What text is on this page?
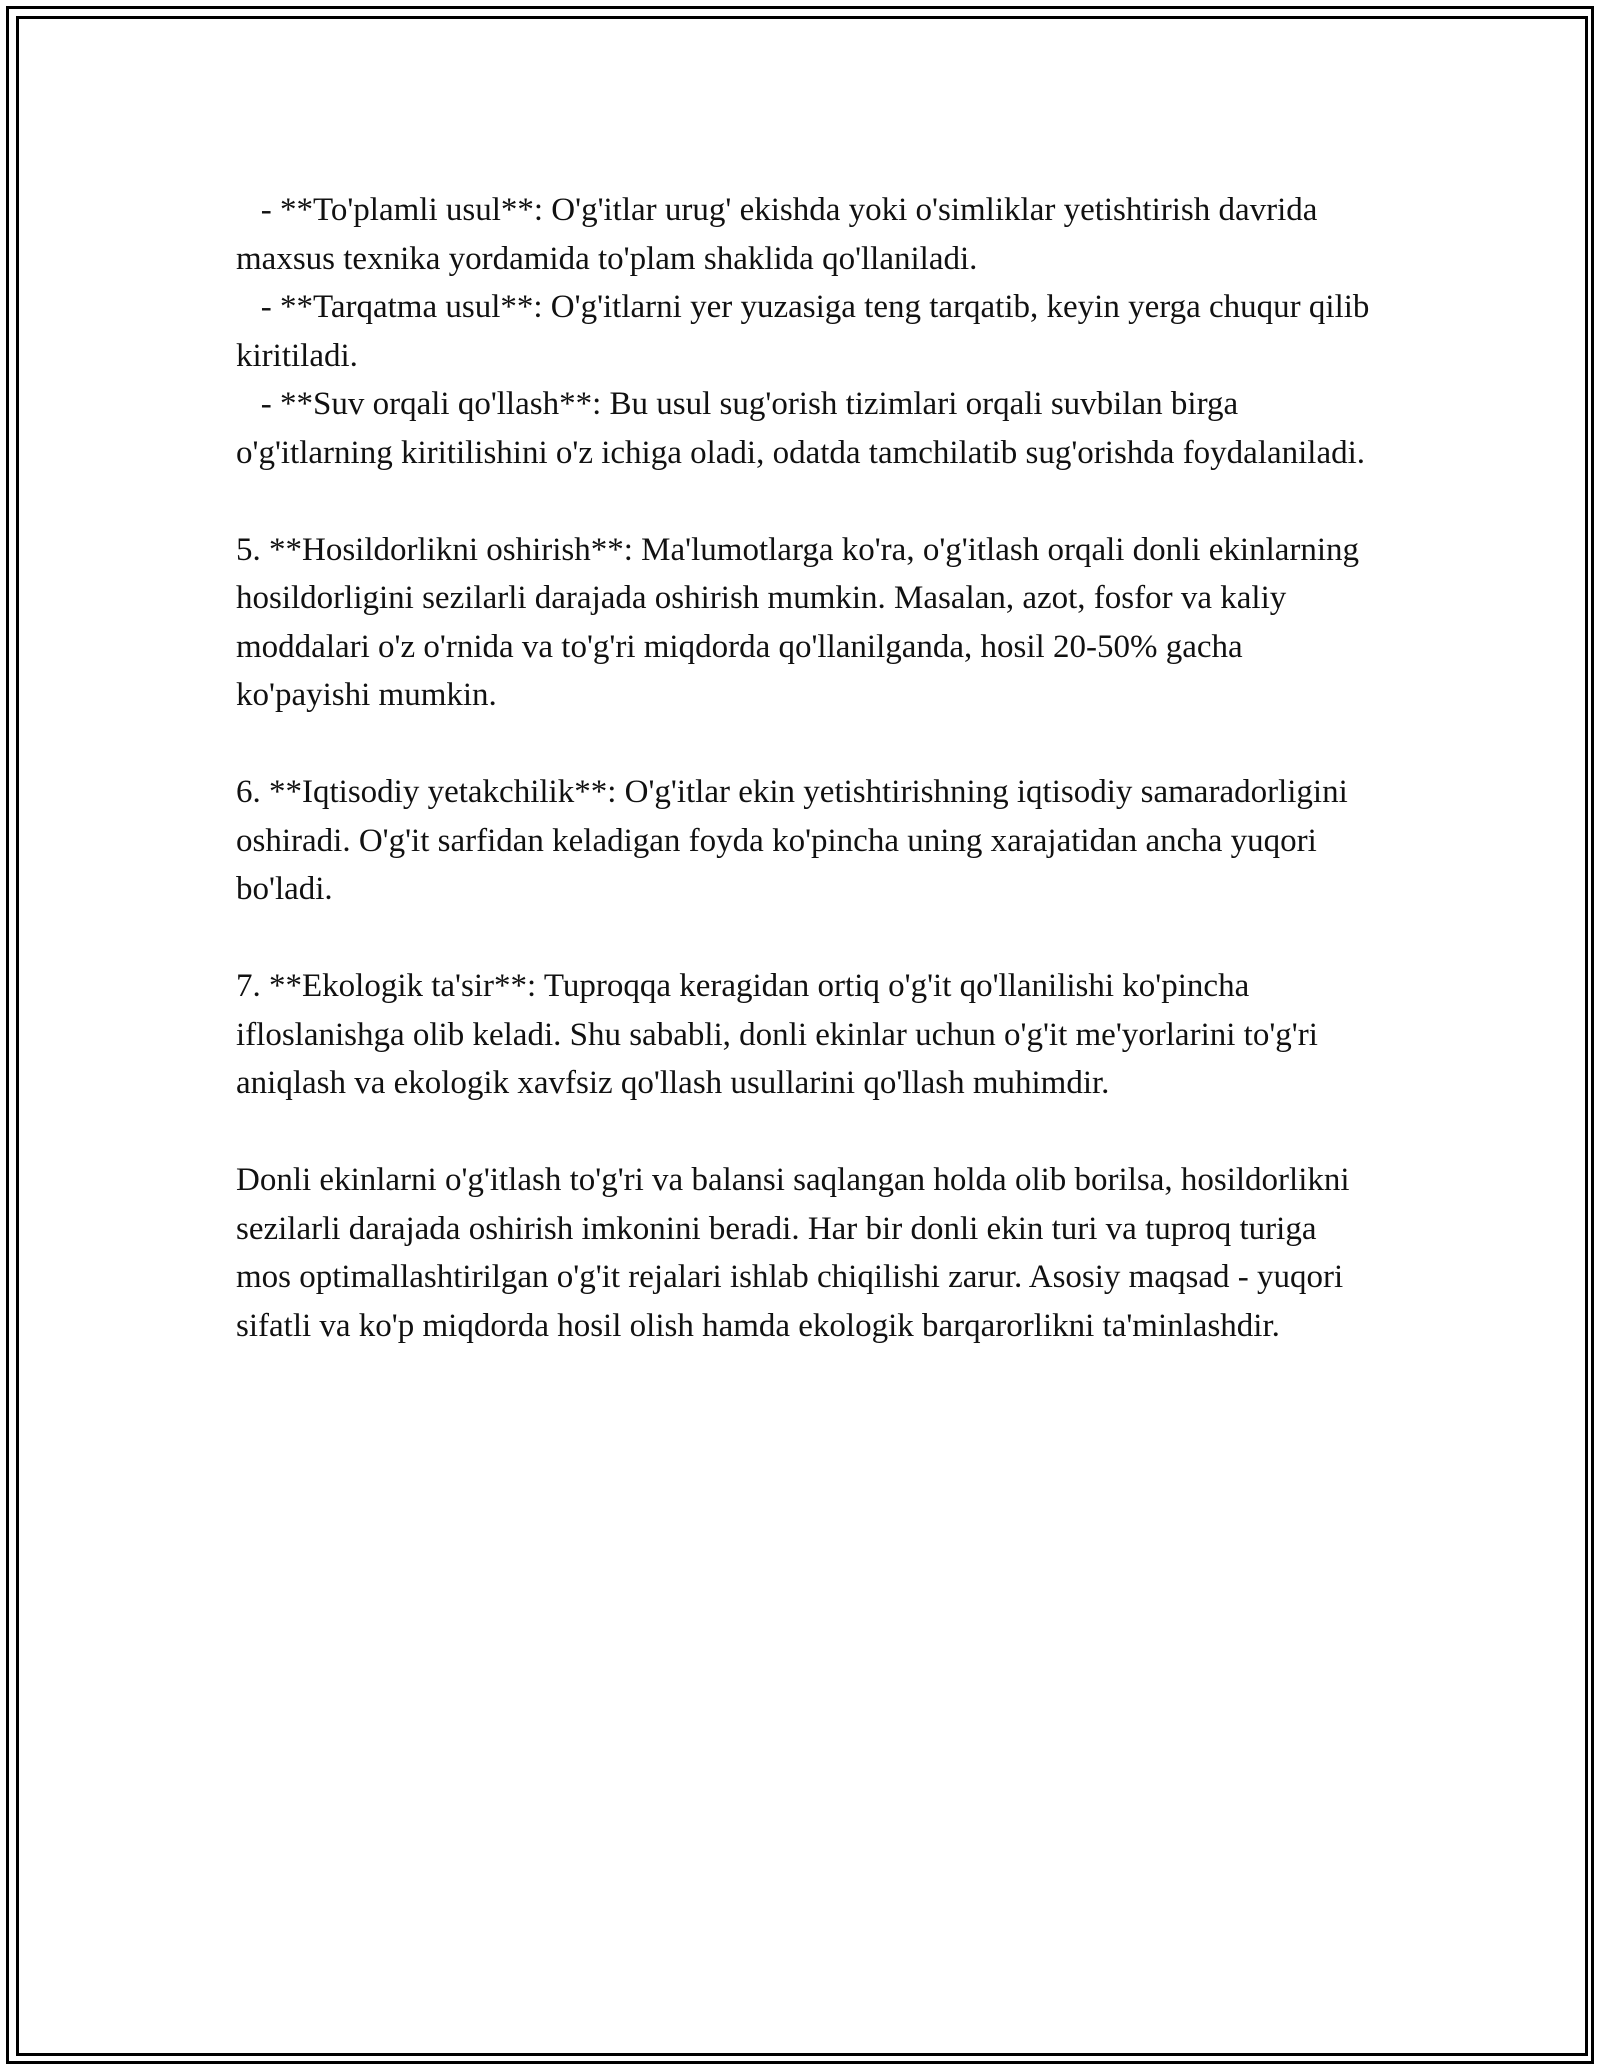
- **To'plamli usul**: O'g'itlar urug' ekishda yoki o'simliklar yetishtirish davrida maxsus texnika yordamida to'plam shaklida qo'llaniladi.

- **Tarqatma usul**: O'g'itlarni yer yuzasiga teng tarqatib, keyin yerga chuqur qilib kiritiladi.

- **Suv orqali qo'llash**: Bu usul sug'orish tizimlari orqali suvbilan birga o'g'itlarning kiritilishini o'z ichiga oladi, odatda tamchilatib sug'orishda foydalaniladi.

5. **Hosildorlikni oshirish**: Ma'lumotlarga ko'ra, o'g'itlash orqali donli ekinlarning hosildorligini sezilarli darajada oshirish mumkin. Masalan, azot, fosfor va kaliy moddalari o'z o'rnida va to'g'ri miqdorda qo'llanilganda, hosil 20-50% gacha ko'payishi mumkin.

6. **Iqtisodiy yetakchilik**: O'g'itlar ekin yetishtirishning iqtisodiy samaradorligini oshiradi. O'g'it sarfidan keladigan foyda ko'pincha uning xarajatidan ancha yuqori bo'ladi.

7. **Ekologik ta'sir**: Tuproqqa keragidan ortiq o'g'it qo'llanilishi ko'pincha ifloslanishga olib keladi. Shu sababli, donli ekinlar uchun o'g'it me'yorlarini to'g'ri aniqlash va ekologik xavfsiz qo'llash usullarini qo'llash muhimdir.

Donli ekinlarni o'g'itlash to'g'ri va balansi saqlangan holda olib borilsa, hosildorlikni sezilarli darajada oshirish imkonini beradi. Har bir donli ekin turi va tuproq turiga mos optimallashtirilgan o'g'it rejalari ishlab chiqilishi zarur. Asosiy maqsad - yuqori sifatli va ko'p miqdorda hosil olish hamda ekologik barqarorlikni ta'minlashdir.
